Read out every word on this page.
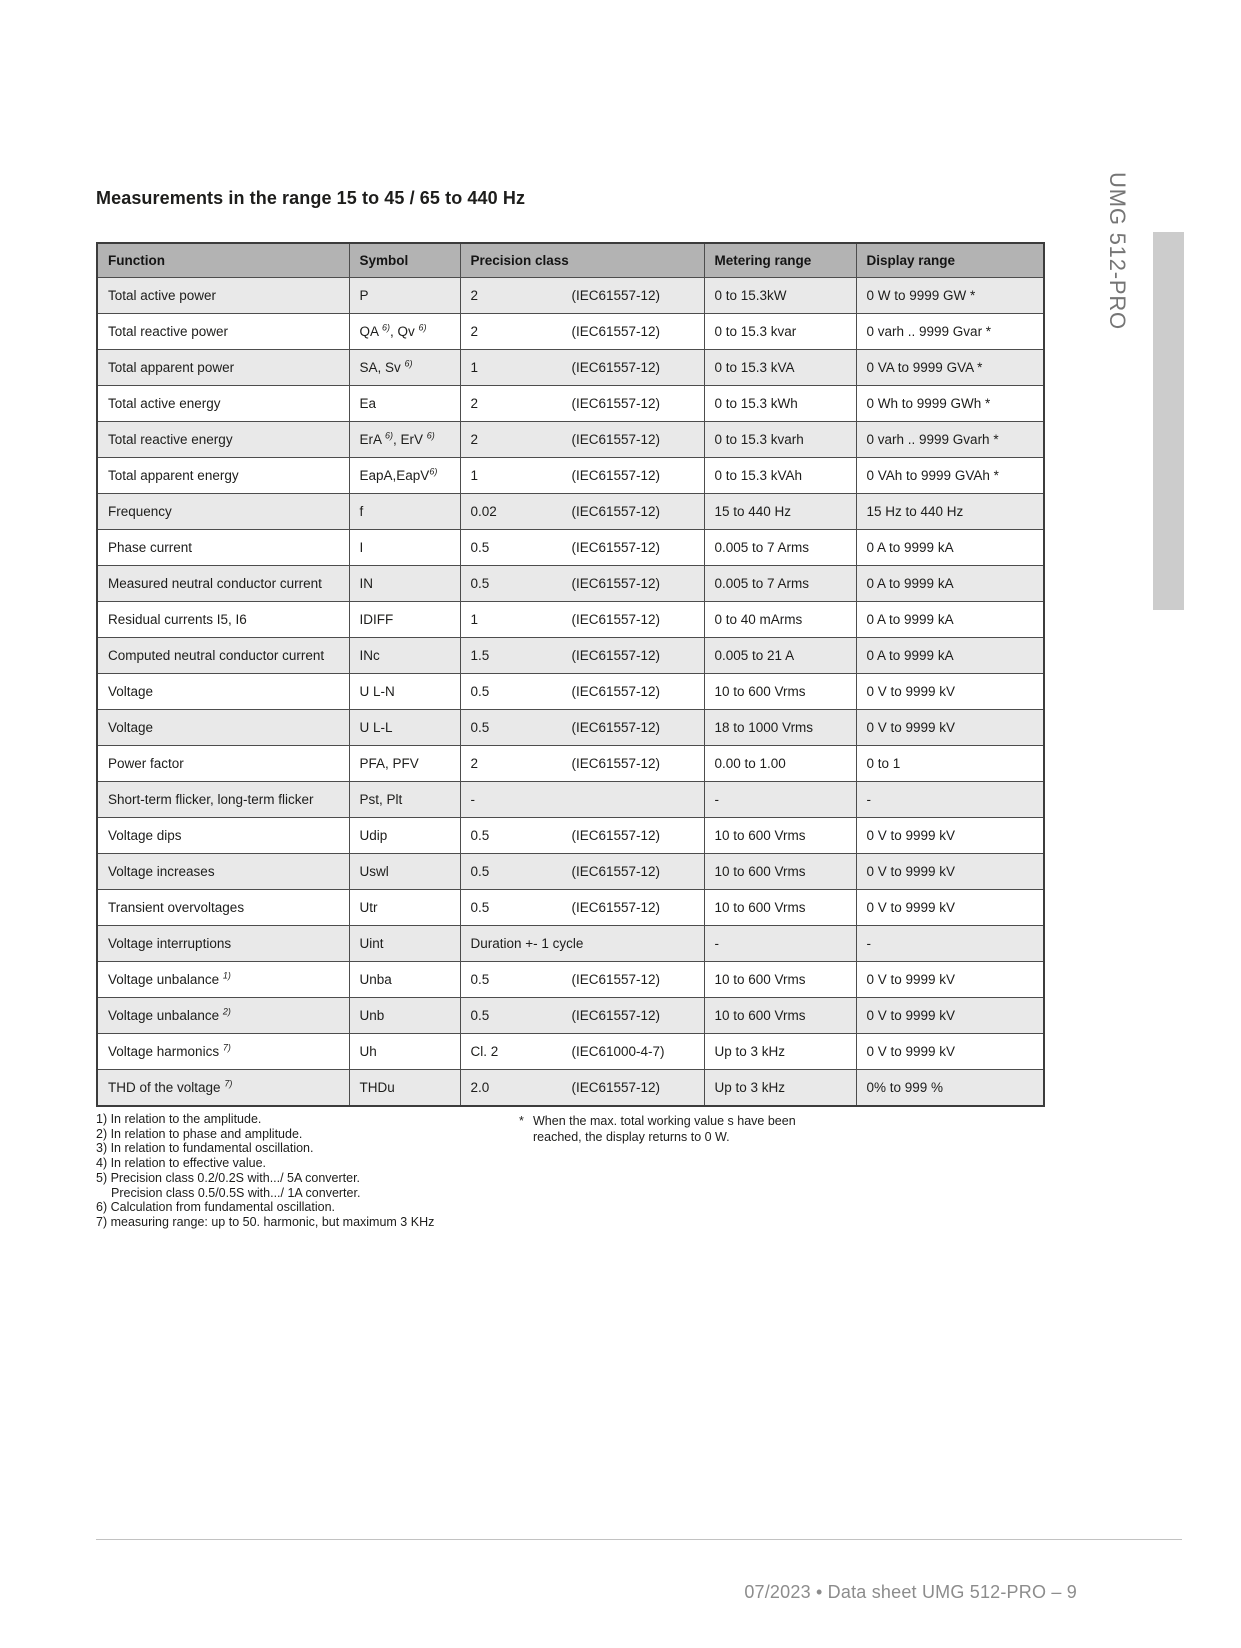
Measurements in the range 15 to 45 / 65 to 440 Hz
Function	Symbol	Precision class	Metering range	Display range
Total active power	P	2 (IEC61557-12)	0 to 15.3kW	0 W to 9999 GW *
Total reactive power	QA $^{6)}$, Qv $^{6)}$	2 (IEC61557-12)	0 to 15.3 kvar	0 varh .. 9999 Gvar *
Total apparent power	SA, Sv $^{6)}$	1 (IEC61557-12)	0 to 15.3 kVA	0 VA to 9999 GVA *
Total active energy	Ea	2 (IEC61557-12)	0 to 15.3 kWh	0 Wh to 9999 GWh *
Total reactive energy	ErA $^{6)}$, ErV $^{6)}$	2 (IEC61557-12)	0 to 15.3 kvarh	0 varh .. 9999 Gvarh *
Total apparent energy	EapA,EapV$^{6)}$	1 (IEC61557-12)	0 to 15.3 kVAh	0 VAh to 9999 GVAh *
Frequency	f	0.02 (IEC61557-12)	15 to 440 Hz	15 Hz to 440 Hz
Phase current	I	0.5 (IEC61557-12)	0.005 to 7 Arms	0 A to 9999 kA
Measured neutral conductor current	IN	0.5 (IEC61557-12)	0.005 to 7 Arms	0 A to 9999 kA
Residual currents I5, I6	IDIFF	1 (IEC61557-12)	0 to 40 mArms	0 A to 9999 kA
Computed neutral conductor current	INc	1.5 (IEC61557-12)	0.005 to 21 A	0 A to 9999 kA
Voltage	U L-N	0.5 (IEC61557-12)	10 to 600 Vrms	0 V to 9999 kV
Voltage	U L-L	0.5 (IEC61557-12)	18 to 1000 Vrms	0 V to 9999 kV
Power factor	PFA, PFV	2 (IEC61557-12)	0.00 to 1.00	0 to 1
Short-term flicker, long-term flicker	Pst, Plt	-	-	-
Voltage dips	Udip	0.5 (IEC61557-12)	10 to 600 Vrms	0 V to 9999 kV
Voltage increases	Uswl	0.5 (IEC61557-12)	10 to 600 Vrms	0 V to 9999 kV
Transient overvoltages	Utr	0.5 (IEC61557-12)	10 to 600 Vrms	0 V to 9999 kV
Voltage interruptions	Uint	Duration +- 1 cycle	-	-
Voltage unbalance $^{1)}$	Unba	0.5 (IEC61557-12)	10 to 600 Vrms	0 V to 9999 kV
Voltage unbalance $^{2)}$	Unb	0.5 (IEC61557-12)	10 to 600 Vrms	0 V to 9999 kV
Voltage harmonics $^{7)}$	Uh	Cl. 2 (IEC61000-4-7)	Up to 3 kHz	0 V to 9999 kV
THD of the voltage $^{7)}$	THDu	2.0 (IEC61557-12)	Up to 3 kHz	0% to 999 %
1) In relation to the amplitude.
2) In relation to phase and amplitude.
3) In relation to fundamental oscillation.
4) In relation to effective value.
5) Precision class 0.2/0.2S with.../ 5A converter.
Precision class 0.5/0.5S with.../ 1A converter.
6) Calculation from fundamental oscillation.
7) measuring range: up to 50. harmonic, but maximum 3 KHz
* When the max. total working value s have been reached, the display returns to 0 W.
UMG 512-PRO
07/2023 • Data sheet UMG 512-PRO – 9
